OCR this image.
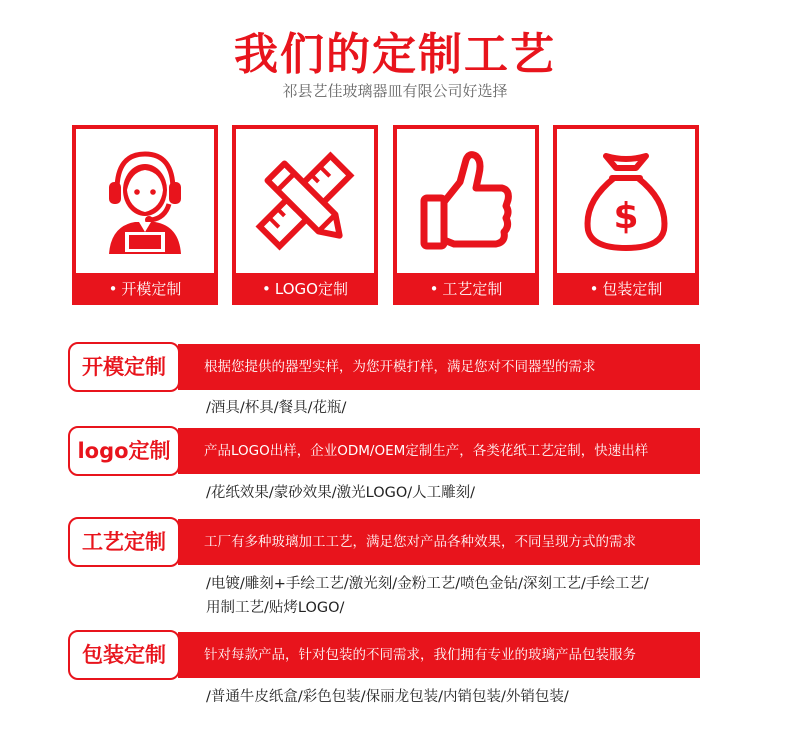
我们的定制工艺
祁县艺佳玻璃器皿有限公司好选择
• 开模定制	• LOGO定制	• 工艺定制
$
• 包装定制
根据您提供的器型实样，为您开模打样，满足您对不同器型的需求
开模定制
/酒具/杯具/餐具/花瓶/
产品LOGO出样，企业ODM/OEM定制生产，各类花纸工艺定制，快速出样
logo定制
/花纸效果/蒙砂效果/激光LOGO/人工雕刻/
工厂有多种玻璃加工工艺，满足您对产品各种效果，不同呈现方式的需求
工艺定制
/电镀/雕刻+手绘工艺/激光刻/金粉工艺/喷色金钻/深刻工艺/手绘工艺/
用制工艺/贴烤LOGO/
针对每款产品，针对包装的不同需求，我们拥有专业的玻璃产品包装服务
包装定制
/普通牛皮纸盒/彩色包装/保丽龙包装/内销包装/外销包装/
